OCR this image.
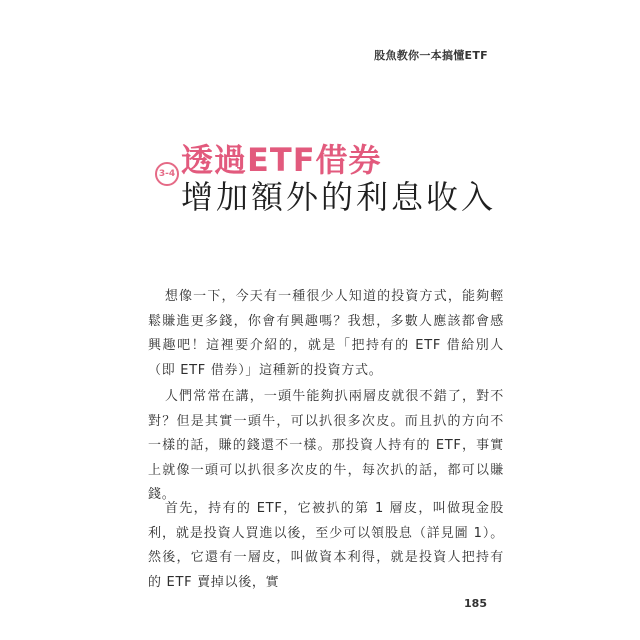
股魚教你一本搞懂ETF
3-4 透過ETF借券
增加額外的利息收入

想像一下，今天有一種很少人知道的投資方式，能夠輕鬆賺進更多錢，你會有興趣嗎？我想，多數人應該都會感興趣吧！這裡要介紹的，就是「把持有的 ETF 借給別人（即 ETF 借券）」這種新的投資方式。

人們常常在講，一頭牛能夠扒兩層皮就很不錯了，對不對？但是其實一頭牛，可以扒很多次皮。而且扒的方向不一樣的話，賺的錢還不一樣。那投資人持有的 ETF，事實上就像一頭可以扒很多次皮的牛，每次扒的話，都可以賺錢。

首先，持有的 ETF，它被扒的第 1 層皮，叫做現金股利，就是投資人買進以後，至少可以領股息（詳見圖 1）。然後，它還有一層皮，叫做資本利得，就是投資人把持有的 ETF 賣掉以後，實

185
